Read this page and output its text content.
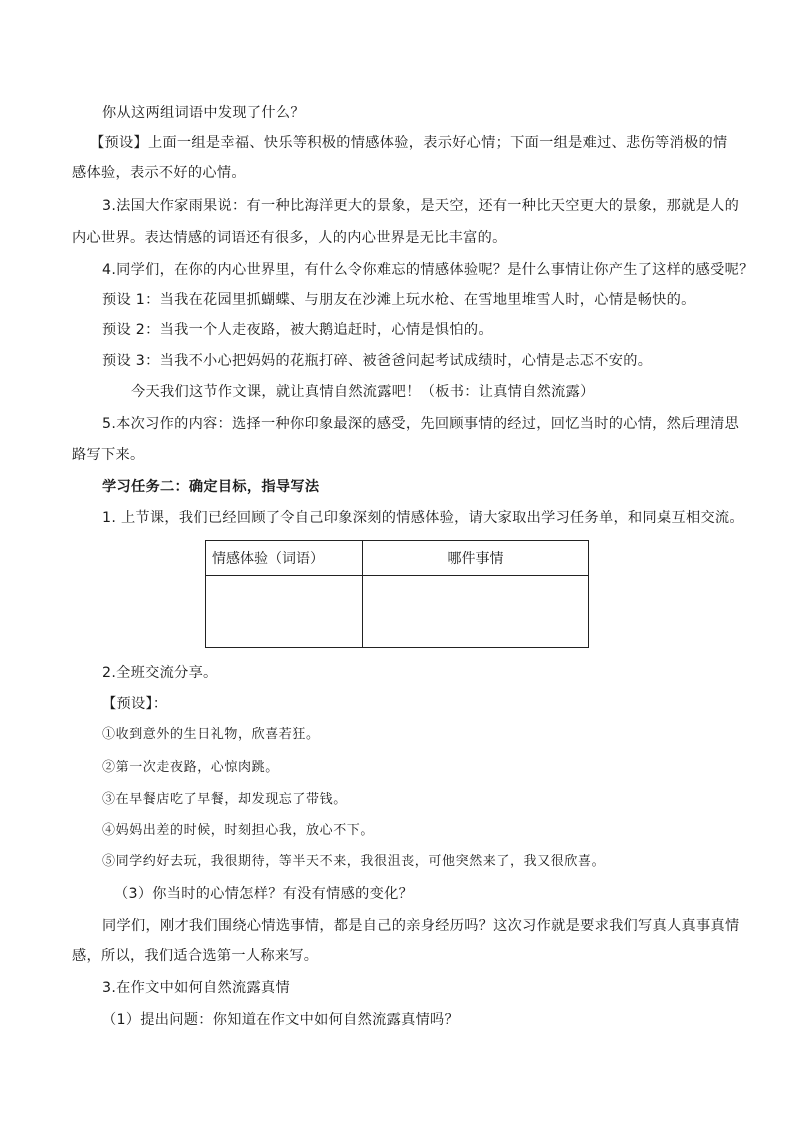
你从这两组词语中发现了什么？
【预设】上面一组是幸福、快乐等积极的情感体验，表示好心情；下面一组是难过、悲伤等消极的情
感体验，表示不好的心情。
3.法国大作家雨果说：有一种比海洋更大的景象，是天空，还有一种比天空更大的景象，那就是人的
内心世界。表达情感的词语还有很多，人的内心世界是无比丰富的。
4.同学们，在你的内心世界里，有什么令你难忘的情感体验呢？是什么事情让你产生了这样的感受呢？
预设 1：当我在花园里抓蝴蝶、与朋友在沙滩上玩水枪、在雪地里堆雪人时，心情是畅快的。
预设 2：当我一个人走夜路，被大鹅追赶时，心情是惧怕的。
预设 3：当我不小心把妈妈的花瓶打碎、被爸爸问起考试成绩时，心情是忐忑不安的。
今天我们这节作文课，就让真情自然流露吧！（板书：让真情自然流露）
5.本次习作的内容：选择一种你印象最深的感受，先回顾事情的经过，回忆当时的心情，然后理清思
路写下来。
学习任务二：确定目标，指导写法
1. 上节课，我们已经回顾了令自己印象深刻的情感体验，请大家取出学习任务单，和同桌互相交流。
情感体验（词语）	哪件事情

2.全班交流分享。
【预设】：
①收到意外的生日礼物，欣喜若狂。
②第一次走夜路，心惊肉跳。
③在早餐店吃了早餐，却发现忘了带钱。
④妈妈出差的时候，时刻担心我，放心不下。
⑤同学约好去玩，我很期待，等半天不来，我很沮丧，可他突然来了，我又很欣喜。
（3）你当时的心情怎样？有没有情感的变化？
同学们，刚才我们围绕心情选事情，都是自己的亲身经历吗？这次习作就是要求我们写真人真事真情
感，所以，我们适合选第一人称来写。
3.在作文中如何自然流露真情
（1）提出问题：你知道在作文中如何自然流露真情吗？
